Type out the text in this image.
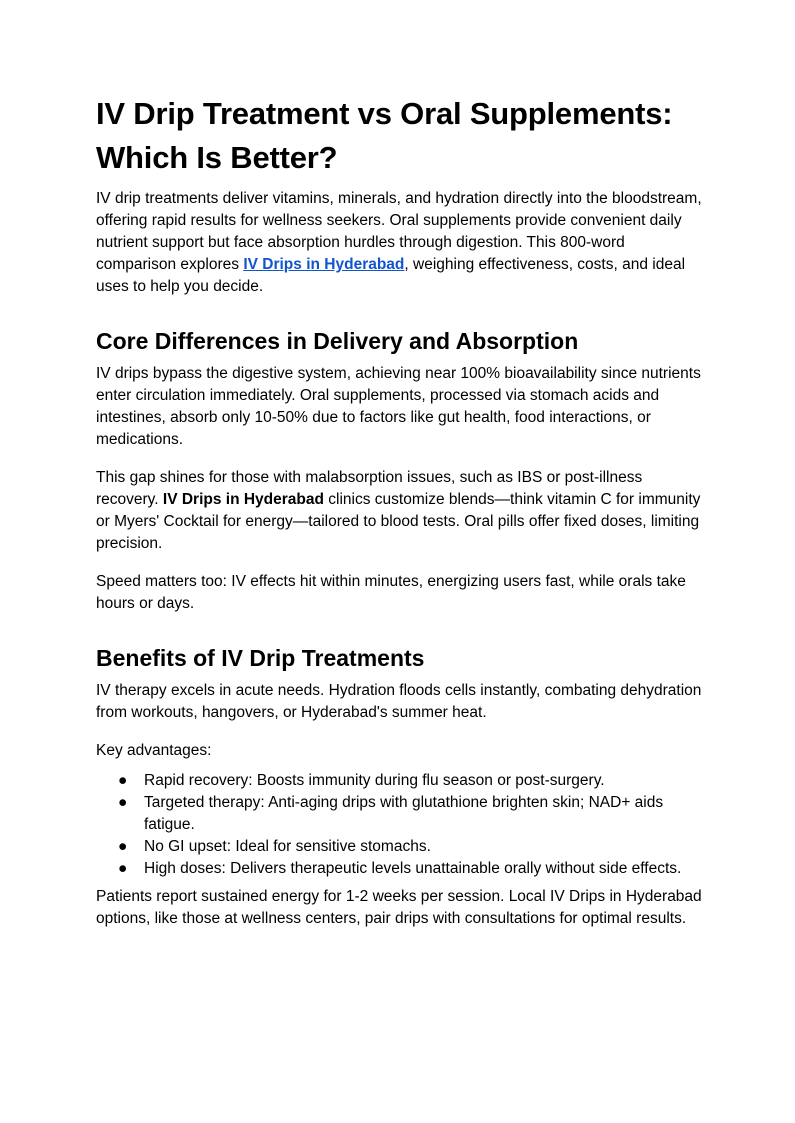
IV Drip Treatment vs Oral Supplements: Which Is Better?

IV drip treatments deliver vitamins, minerals, and hydration directly into the bloodstream, offering rapid results for wellness seekers. Oral supplements provide convenient daily nutrient support but face absorption hurdles through digestion. This 800-word comparison explores IV Drips in Hyderabad, weighing effectiveness, costs, and ideal uses to help you decide.

Core Differences in Delivery and Absorption

IV drips bypass the digestive system, achieving near 100% bioavailability since nutrients enter circulation immediately. Oral supplements, processed via stomach acids and intestines, absorb only 10-50% due to factors like gut health, food interactions, or medications.

This gap shines for those with malabsorption issues, such as IBS or post-illness recovery. IV Drips in Hyderabad clinics customize blends—think vitamin C for immunity or Myers' Cocktail for energy—tailored to blood tests. Oral pills offer fixed doses, limiting precision.

Speed matters too: IV effects hit within minutes, energizing users fast, while orals take hours or days.

Benefits of IV Drip Treatments

IV therapy excels in acute needs. Hydration floods cells instantly, combating dehydration from workouts, hangovers, or Hyderabad's summer heat.

Key advantages:

● Rapid recovery: Boosts immunity during flu season or post-surgery.
● Targeted therapy: Anti-aging drips with glutathione brighten skin; NAD+ aids fatigue.
● No GI upset: Ideal for sensitive stomachs.
● High doses: Delivers therapeutic levels unattainable orally without side effects.

Patients report sustained energy for 1-2 weeks per session. Local IV Drips in Hyderabad options, like those at wellness centers, pair drips with consultations for optimal results.
